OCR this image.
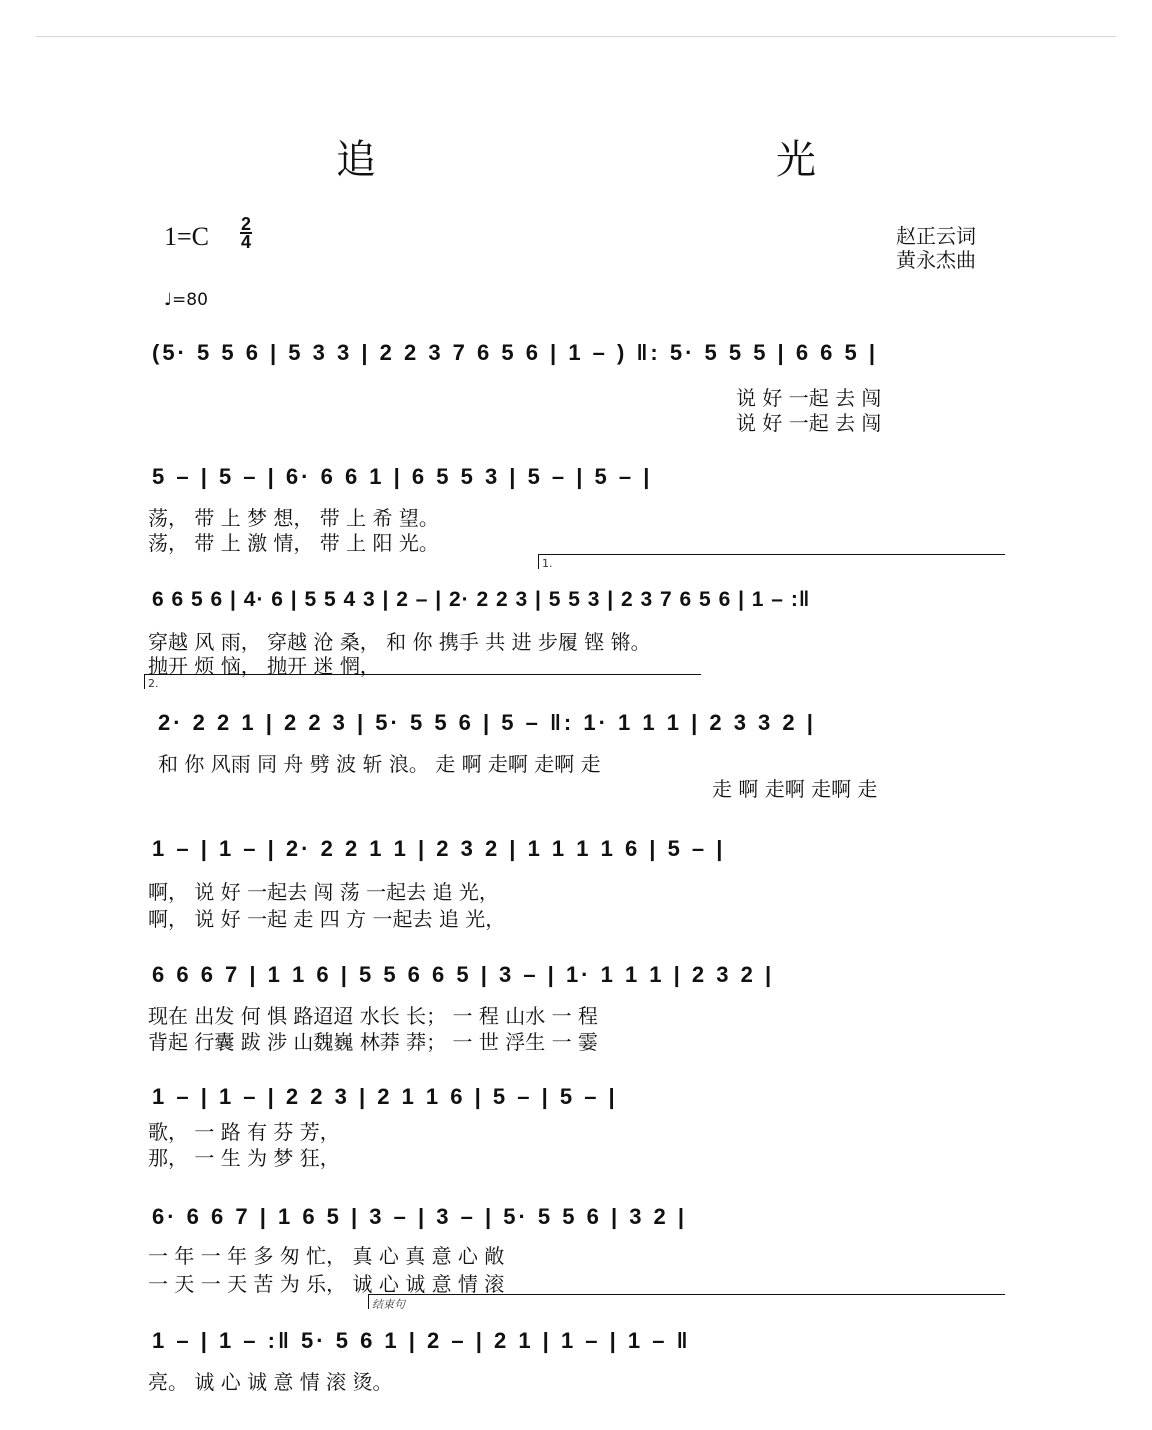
追　光
$1=C \frac{2}{4}$
♩=80
赵正云词
黄永杰曲
(5· 5 5 6 | 5 3 3 | 2 2 3 7 6 5 6 | 1 – ) ‖: 5· 5 5 5 | 6 6 5 |
说 好 一起 去 闯
说 好 一起 去 闯
5 – | 5 – | 6· 6 6 1 | 6 5 5 3 | 5 – | 5 – |
荡， 带 上 梦 想， 带 上 希 望。
荡， 带 上 激 情， 带 上 阳 光。
1.
6 6 5 6 | 4· 6 | 5 5 4 3 | 2 – | 2· 2 2 3 | 5 5 3 | 2 3 7 6 5 6 | 1 – :‖
穿越 风 雨， 穿越 沧 桑， 和 你 携手 共 进 步履 铿 锵。
抛开 烦 恼， 抛开 迷 惘，
2.
2· 2 2 1 | 2 2 3 | 5· 5 5 6 | 5 – ‖: 1· 1 1 1 | 2 3 3 2 |
和 你 风雨 同 舟 劈 波 斩 浪。 走 啊 走啊 走啊 走
走 啊 走啊 走啊 走
1 – | 1 – | 2· 2 2 1 1 | 2 3 2 | 1 1 1 1 6 | 5 – |
啊， 说 好 一起去 闯 荡 一起去 追 光，
啊， 说 好 一起 走 四 方 一起去 追 光，
6 6 6 7 | 1 1 6 | 5 5 6 6 5 | 3 – | 1· 1 1 1 | 2 3 2 |
现在 出发 何 惧 路迢迢 水长 长； 一 程 山水 一 程
背起 行囊 跋 涉 山魏巍 林莽 莽； 一 世 浮生 一 霎
1 – | 1 – | 2 2 3 | 2 1 1 6 | 5 – | 5 – |
歌， 一 路 有 芬 芳，
那， 一 生 为 梦 狂，
6· 6 6 7 | 1 6 5 | 3 – | 3 – | 5· 5 5 6 | 3 2 |
一 年 一 年 多 匆 忙， 真 心 真 意 心 敞
一 天 一 天 苦 为 乐， 诚 心 诚 意 情 滚
结束句
1 – | 1 – :‖ 5· 5 6 1 | 2 – | 2 1 | 1 – | 1 – ‖
亮。 诚 心 诚 意 情 滚 烫。
